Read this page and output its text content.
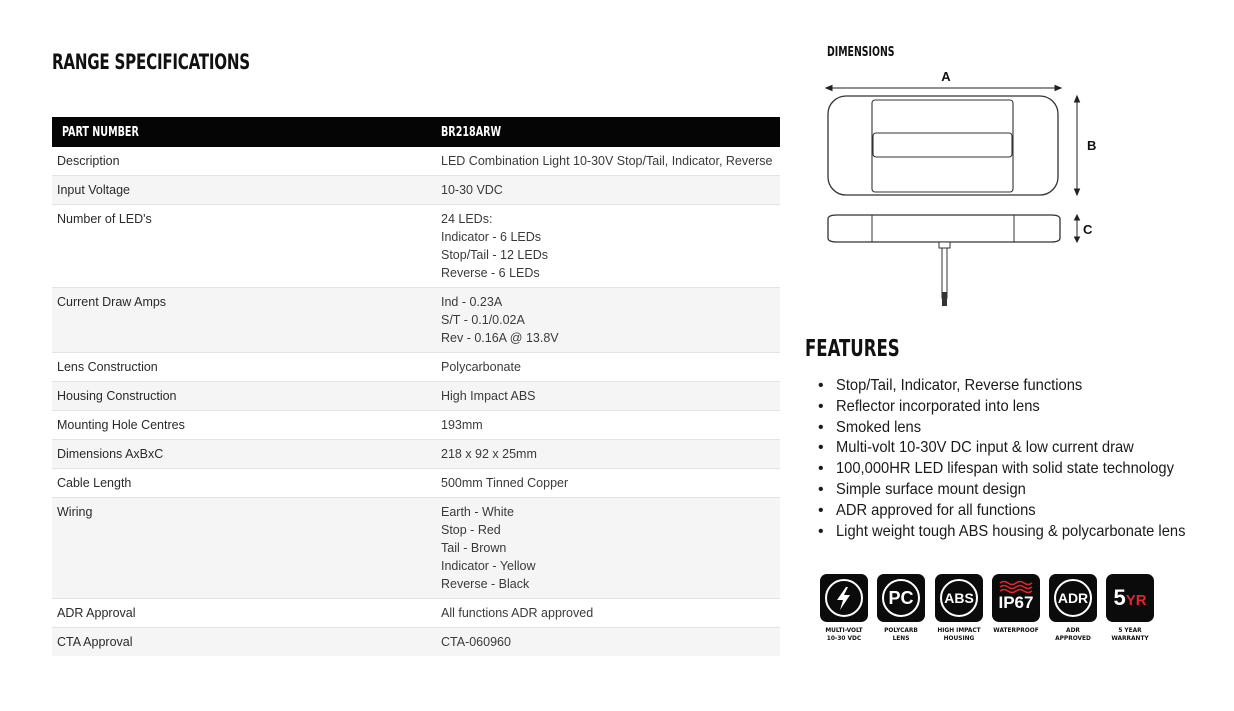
RANGE SPECIFICATIONS
PART NUMBER	BR218ARW
Description	LED Combination Light 10-30V Stop/Tail, Indicator, Reverse

Input Voltage	10-30 VDC

Number of LED's	24 LEDs:
Indicator - 6 LEDs
Stop/Tail - 12 LEDs
Reverse - 6 LEDs

Current Draw Amps	Ind - 0.23A
S/T - 0.1/0.02A
Rev - 0.16A @ 13.8V

Lens Construction	Polycarbonate

Housing Construction	High Impact ABS

Mounting Hole Centres	193mm

Dimensions AxBxC	218 x 92 x 25mm

Cable Length	500mm Tinned Copper

Wiring	Earth - White
Stop - Red
Tail - Brown
Indicator - Yellow
Reverse - Black

ADR Approval	All functions ADR approved

CTA Approval	CTA-060960
DIMENSIONS
A
B
C
FEATURES
• Stop/Tail, Indicator, Reverse functions
• Reflector incorporated into lens
• Smoked lens
• Multi-volt 10-30V DC input & low current draw
• 100,000HR LED lifespan with solid state technology
• Simple surface mount design
• ADR approved for all functions
• Light weight tough ABS housing & polycarbonate lens
MULTI-VOLT
10-30 VDC
PC
POLYCARB
LENS
ABS
HIGH IMPACT
HOUSING
IP67
WATERPROOF
ADR
ADR
APPROVED
5 YR
5 YEAR
WARRANTY
